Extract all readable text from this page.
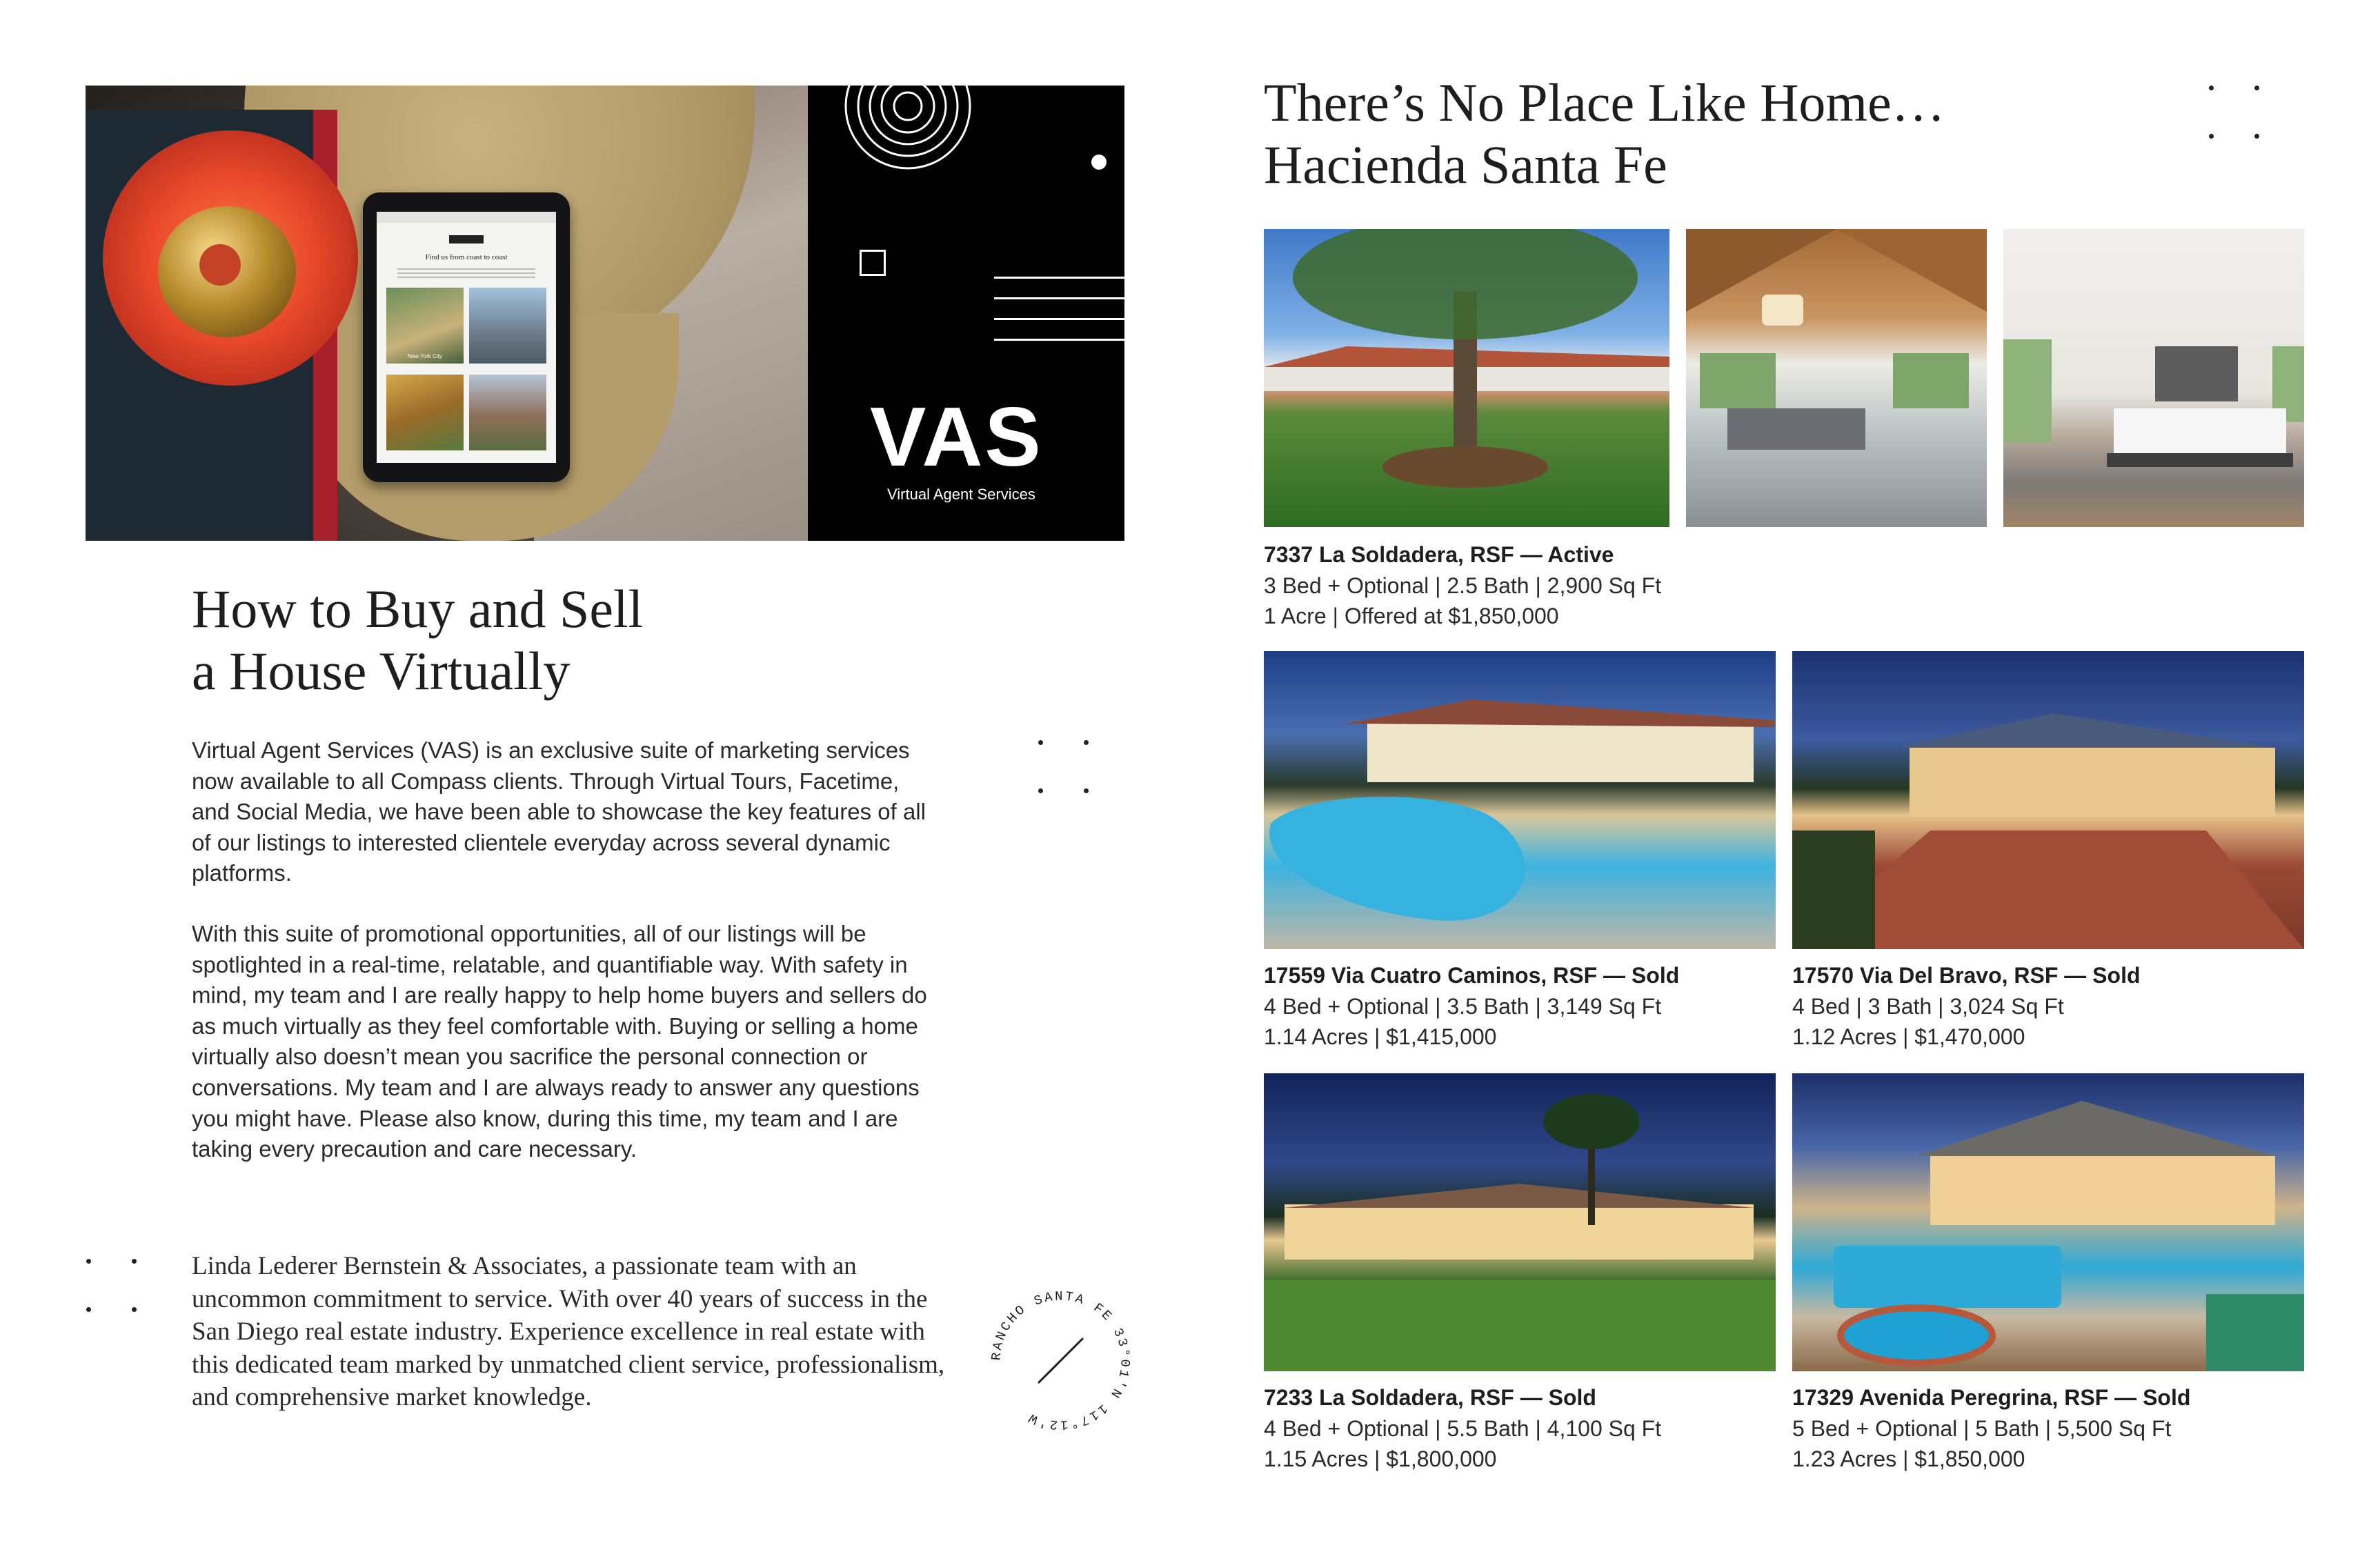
Find us from coast to coast
New York City
VAS
Virtual Agent Services
How to Buy and Sell
a House Virtually
Virtual Agent Services (VAS) is an exclusive suite of marketing services now available to all Compass clients. Through Virtual Tours, Facetime, and Social Media, we have been able to showcase the key features of all of our listings to interested clientele everyday across several dynamic platforms.
With this suite of promotional opportunities, all of our listings will be spotlighted in a real-time, relatable, and quantifiable way. With safety in mind, my team and I are really happy to help home buyers and sellers do as much virtually as they feel comfortable with. Buying or selling a home virtually also doesn’t mean you sacrifice the personal connection or conversations. My team and I are always ready to answer any questions you might have. Please also know, during this time, my team and I are taking every precaution and care necessary.
Linda Lederer Bernstein & Associates, a passionate team with an uncommon commitment to service. With over 40 years of success in the San Diego real estate industry. Experience excellence in real estate with this dedicated team marked by unmatched client service, professionalism, and comprehensive market knowledge.
RANCHO SANTA FE 33°01'N 117°12'W
There’s No Place Like Home…
Hacienda Santa Fe
7337 La Soldadera, RSF — Active
3 Bed + Optional | 2.5 Bath | 2,900 Sq Ft
1 Acre | Offered at $1,850,000
17559 Via Cuatro Caminos, RSF — Sold
4 Bed + Optional | 3.5 Bath | 3,149 Sq Ft
1.14 Acres | $1,415,000
17570 Via Del Bravo, RSF — Sold
4 Bed | 3 Bath | 3,024 Sq Ft
1.12 Acres | $1,470,000
7233 La Soldadera, RSF — Sold
4 Bed + Optional | 5.5 Bath | 4,100 Sq Ft
1.15 Acres | $1,800,000
17329 Avenida Peregrina, RSF — Sold
5 Bed + Optional | 5 Bath | 5,500 Sq Ft
1.23 Acres | $1,850,000
